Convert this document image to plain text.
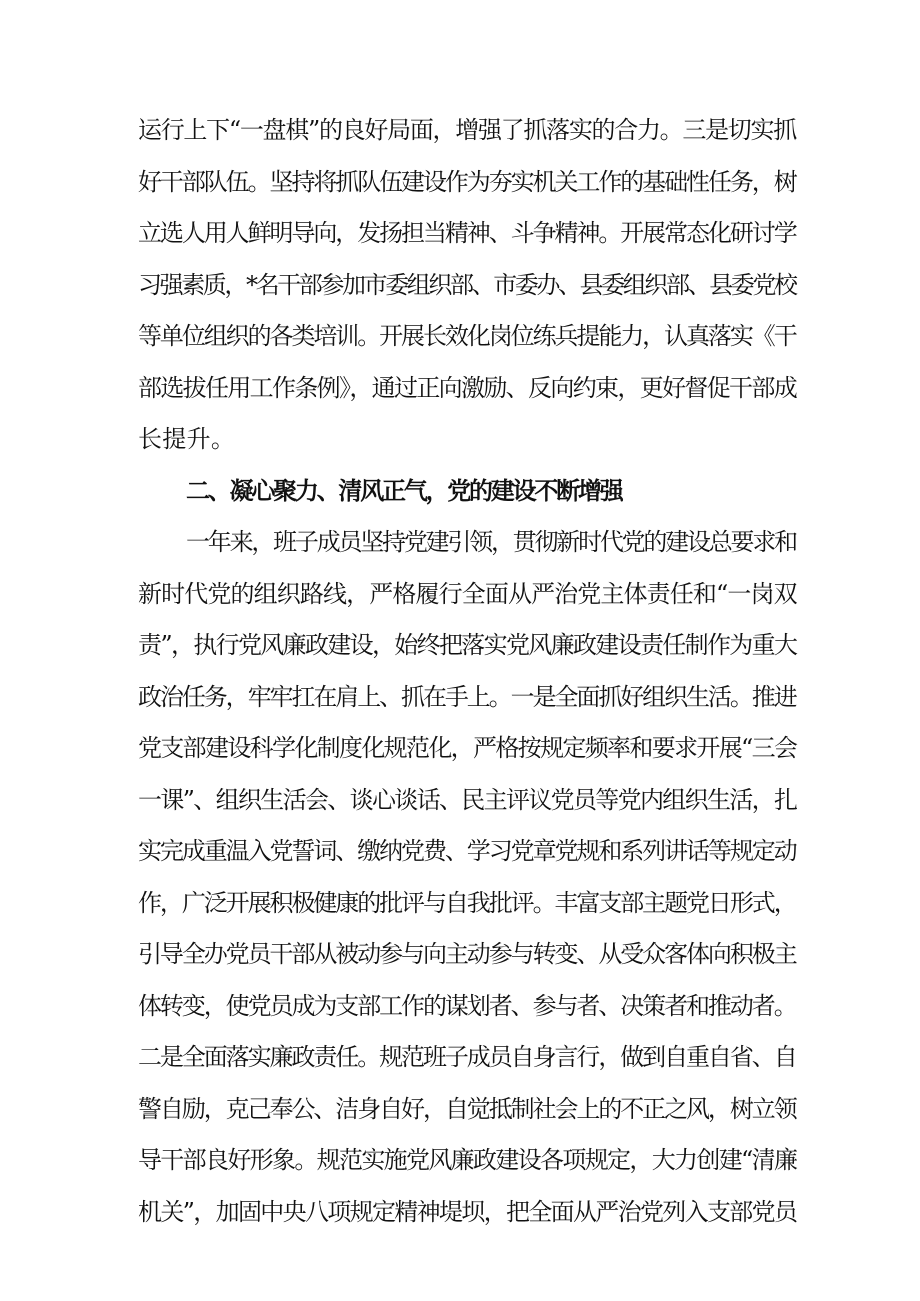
运行上下“一盘棋”的良好局面，增强了抓落实的合力。三是切实抓
好干部队伍。坚持将抓队伍建设作为夯实机关工作的基础性任务，树
立选人用人鲜明导向，发扬担当精神、斗争精神。开展常态化研讨学
习强素质，*名干部参加市委组织部、市委办、县委组织部、县委党校
等单位组织的各类培训。开展长效化岗位练兵提能力，认真落实《干
部选拔任用工作条例》，通过正向激励、反向约束，更好督促干部成
长提升。
二、凝心聚力、清风正气，党的建设不断增强
一年来，班子成员坚持党建引领，贯彻新时代党的建设总要求和
新时代党的组织路线，严格履行全面从严治党主体责任和“一岗双
责”，执行党风廉政建设，始终把落实党风廉政建设责任制作为重大
政治任务，牢牢扛在肩上、抓在手上。一是全面抓好组织生活。推进
党支部建设科学化制度化规范化，严格按规定频率和要求开展“三会
一课”、组织生活会、谈心谈话、民主评议党员等党内组织生活，扎
实完成重温入党誓词、缴纳党费、学习党章党规和系列讲话等规定动
作，广泛开展积极健康的批评与自我批评。丰富支部主题党日形式，
引导全办党员干部从被动参与向主动参与转变、从受众客体向积极主
体转变，使党员成为支部工作的谋划者、参与者、决策者和推动者。
二是全面落实廉政责任。规范班子成员自身言行，做到自重自省、自
警自励，克己奉公、洁身自好，自觉抵制社会上的不正之风，树立领
导干部良好形象。规范实施党风廉政建设各项规定，大力创建“清廉
机关”，加固中央八项规定精神堤坝，把全面从严治党列入支部党员
